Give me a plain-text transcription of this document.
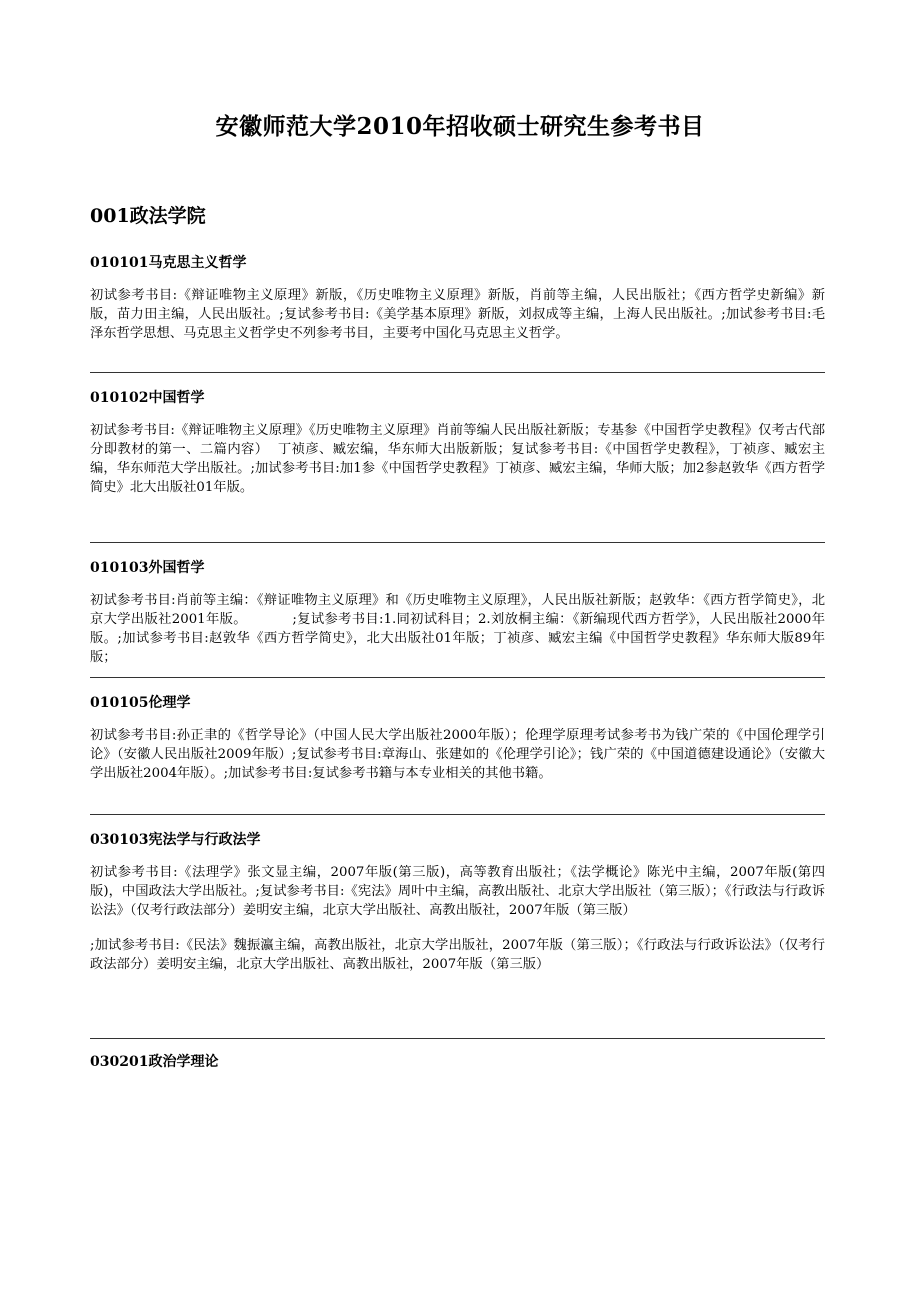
安徽师范大学2010年招收硕士研究生参考书目
001政法学院
010101马克思主义哲学

初试参考书目:《辩证唯物主义原理》新版，《历史唯物主义原理》新版，肖前等主编，人民出版社；《西方哲学史新编》新版，苗力田主编，人民出版社。;复试参考书目:《美学基本原理》新版，刘叔成等主编，上海人民出版社。;加试参考书目:毛泽东哲学思想、马克思主义哲学史不列参考书目，主要考中国化马克思主义哲学。

010102中国哲学

初试参考书目:《辩证唯物主义原理》《历史唯物主义原理》肖前等编人民出版社新版；专基参《中国哲学史教程》仅考古代部分即教材的第一、二篇内容）  丁祯彦、臧宏编，华东师大出版新版；复试参考书目:《中国哲学史教程》，丁祯彦、臧宏主编，华东师范大学出版社。;加试参考书目:加1参《中国哲学史教程》丁祯彦、臧宏主编，华师大版；加2参赵敦华《西方哲学简史》北大出版社01年版。

010103外国哲学

初试参考书目:肖前等主编：《辩证唯物主义原理》和《历史唯物主义原理》，人民出版社新版；赵敦华：《西方哲学简史》，北京大学出版社2001年版。          ;复试参考书目:1.同初试科目；2.刘放桐主编：《新编现代西方哲学》，人民出版社2000年版。;加试参考书目:赵敦华《西方哲学简史》，北大出版社01年版；丁祯彦、臧宏主编《中国哲学史教程》华东师大版89年版；

010105伦理学

初试参考书目:孙正聿的《哲学导论》（中国人民大学出版社2000年版）；伦理学原理考试参考书为钱广荣的《中国伦理学引论》（安徽人民出版社2009年版）;复试参考书目:章海山、张建如的《伦理学引论》；钱广荣的《中国道德建设通论》（安徽大学出版社2004年版）。;加试参考书目:复试参考书籍与本专业相关的其他书籍。

030103宪法学与行政法学

初试参考书目:《法理学》张文显主编，2007年版(第三版)，高等教育出版社；《法学概论》陈光中主编，2007年版(第四版)，中国政法大学出版社。;复试参考书目:《宪法》周叶中主编，高教出版社、北京大学出版社（第三版）；《行政法与行政诉讼法》（仅考行政法部分）姜明安主编，北京大学出版社、高教出版社，2007年版（第三版）

;加试参考书目:《民法》魏振瀛主编，高教出版社，北京大学出版社，2007年版（第三版）；《行政法与行政诉讼法》（仅考行政法部分）姜明安主编，北京大学出版社、高教出版社，2007年版（第三版）

030201政治学理论
